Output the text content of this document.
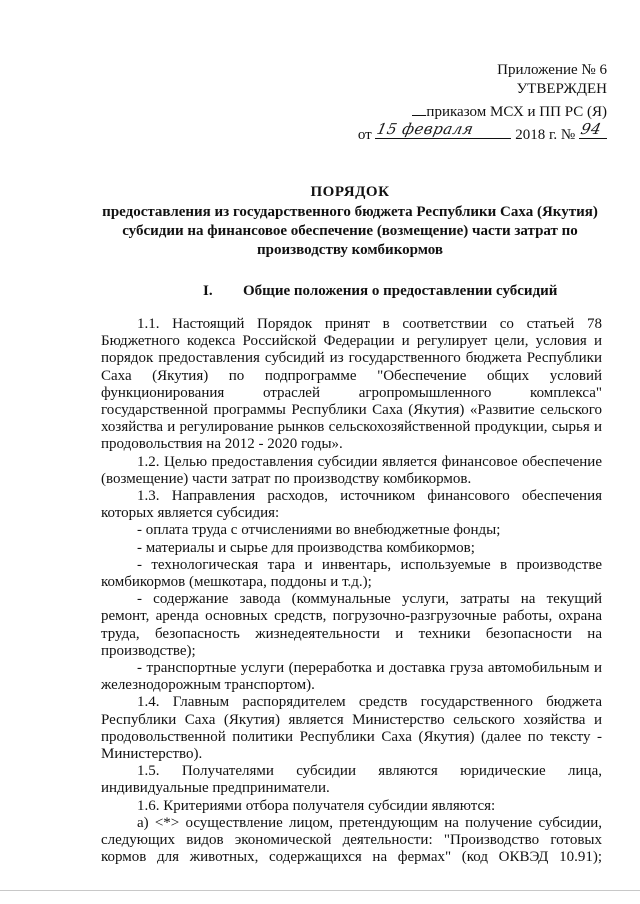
Приложение № 6
УТВЕРЖДЕН
приказом МСХ и ПП РС (Я)
от 15 февраля	2018 г. № 94
ПОРЯДОК
предоставления из государственного бюджета Республики Саха (Якутия)
субсидии на финансовое обеспечение (возмещение) части затрат по
производству комбикормов
I. Общие положения о предоставлении субсидий

1.1. Настоящий Порядок принят в соответствии со статьей 78 Бюджетного кодекса Российской Федерации и регулирует цели, условия и порядок предоставления субсидий из государственного бюджета Республики Саха (Якутия) по подпрограмме "Обеспечение общих условий функционирования отраслей агропромышленного комплекса" государственной программы Республики Саха (Якутия) «Развитие сельского хозяйства и регулирование рынков сельскохозяйственной продукции, сырья и продовольствия на 2012 - 2020 годы».

1.2. Целью предоставления субсидии является финансовое обеспечение (возмещение) части затрат по производству комбикормов.

1.3. Направления расходов, источником финансового обеспечения которых является субсидия:

- оплата труда с отчислениями во внебюджетные фонды;

- материалы и сырье для производства комбикормов;

- технологическая тара и инвентарь, используемые в производстве комбикормов (мешкотара, поддоны и т.д.);

- содержание завода (коммунальные услуги, затраты на текущий ремонт, аренда основных средств, погрузочно-разгрузочные работы, охрана труда, безопасность жизнедеятельности и техники безопасности на производстве);

- транспортные услуги (переработка и доставка груза автомобильным и железнодорожным транспортом).

1.4. Главным распорядителем средств государственного бюджета Республики Саха (Якутия) является Министерство сельского хозяйства и продовольственной политики Республики Саха (Якутия) (далее по тексту - Министерство).

1.5. Получателями субсидии являются юридические лица, индивидуальные предприниматели.

1.6. Критериями отбора получателя субсидии являются:

а) <*> осуществление лицом, претендующим на получение субсидии, следующих видов экономической деятельности: "Производство готовых кормов для животных, содержащихся на фермах" (код ОКВЭД 10.91);
